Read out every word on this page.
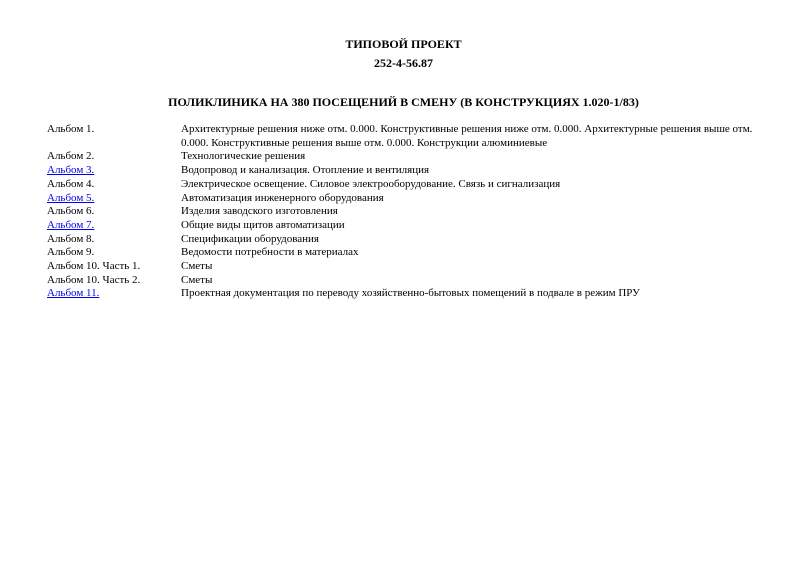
ТИПОВОЙ ПРОЕКТ
252-4-56.87
ПОЛИКЛИНИКА НА 380 ПОСЕЩЕНИЙ В СМЕНУ (В КОНСТРУКЦИЯХ 1.020-1/83)
Альбом 1.	Архитектурные решения ниже отм. 0.000. Конструктивные решения ниже отм. 0.000. Архитектурные решения выше отм. 0.000. Конструктивные решения выше отм. 0.000. Конструкции алюминиевые
Альбом 2.	Технологические решения
Альбом 3.	Водопровод и канализация. Отопление и вентиляция
Альбом 4.	Электрическое освещение. Силовое электрооборудование. Связь и сигнализация
Альбом 5.	Автоматизация инженерного оборудования
Альбом 6.	Изделия заводского изготовления
Альбом 7.	Общие виды щитов автоматизации
Альбом 8.	Спецификации оборудования
Альбом 9.	Ведомости потребности в материалах
Альбом 10. Часть 1.	Сметы
Альбом 10. Часть 2.	Сметы
Альбом 11.	Проектная документация по переводу хозяйственно-бытовых помещений в подвале в режим ПРУ
